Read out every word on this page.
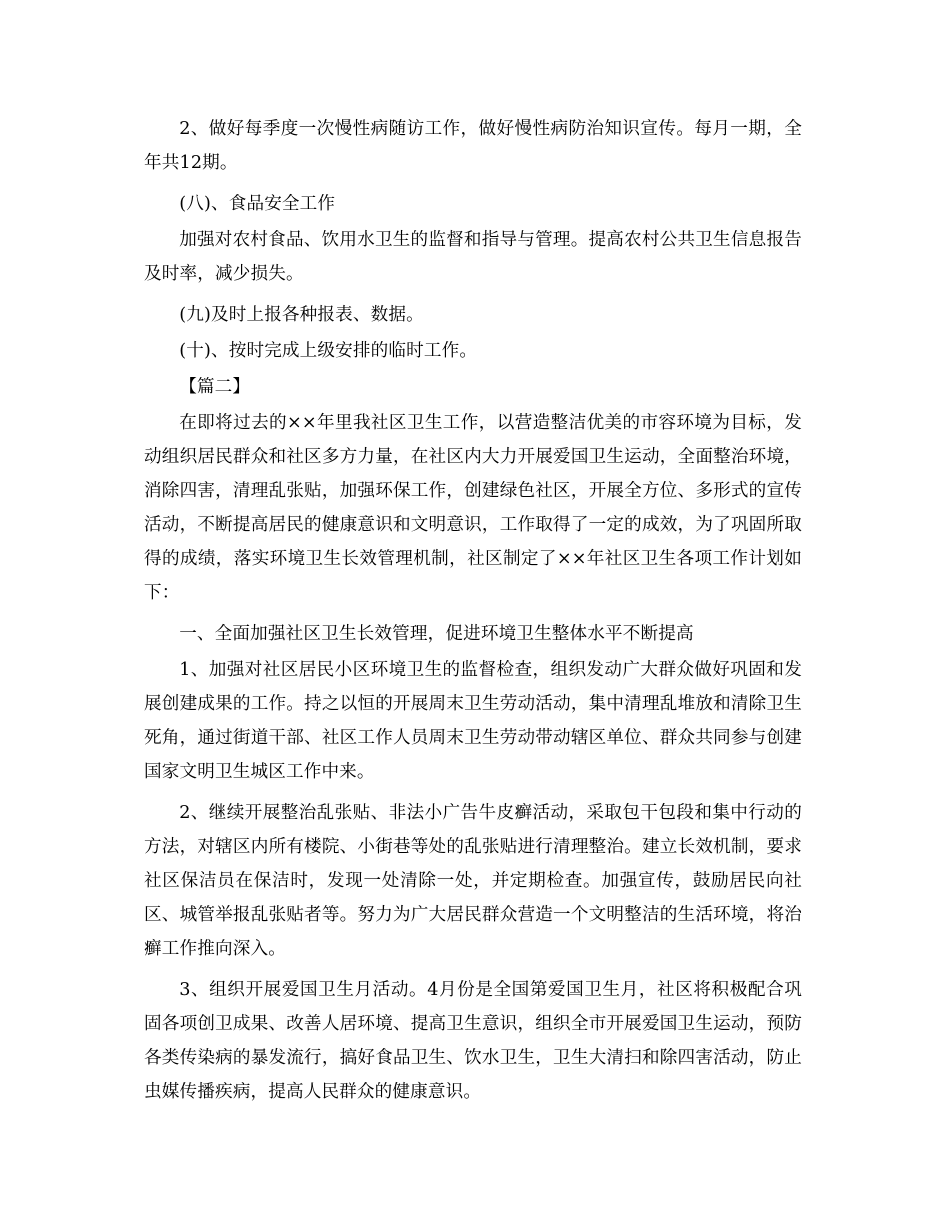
2、做好每季度一次慢性病随访工作，做好慢性病防治知识宣传。每月一期，全年共12期。

(八)、食品安全工作

加强对农村食品、饮用水卫生的监督和指导与管理。提高农村公共卫生信息报告及时率，减少损失。

(九)及时上报各种报表、数据。

(十)、按时完成上级安排的临时工作。

【篇二】

在即将过去的××年里我社区卫生工作，以营造整洁优美的市容环境为目标，发动组织居民群众和社区多方力量，在社区内大力开展爱国卫生运动，全面整治环境，消除四害，清理乱张贴，加强环保工作，创建绿色社区，开展全方位、多形式的宣传活动，不断提高居民的健康意识和文明意识，工作取得了一定的成效，为了巩固所取得的成绩，落实环境卫生长效管理机制，社区制定了××年社区卫生各项工作计划如下：

一、全面加强社区卫生长效管理，促进环境卫生整体水平不断提高

1、加强对社区居民小区环境卫生的监督检查，组织发动广大群众做好巩固和发展创建成果的工作。持之以恒的开展周末卫生劳动活动，集中清理乱堆放和清除卫生死角，通过街道干部、社区工作人员周末卫生劳动带动辖区单位、群众共同参与创建国家文明卫生城区工作中来。

2、继续开展整治乱张贴、非法小广告牛皮癣活动，采取包干包段和集中行动的方法，对辖区内所有楼院、小街巷等处的乱张贴进行清理整治。建立长效机制，要求社区保洁员在保洁时，发现一处清除一处，并定期检查。加强宣传，鼓励居民向社区、城管举报乱张贴者等。努力为广大居民群众营造一个文明整洁的生活环境，将治癣工作推向深入。

3、组织开展爱国卫生月活动。4月份是全国第爱国卫生月，社区将积极配合巩固各项创卫成果、改善人居环境、提高卫生意识，组织全市开展爱国卫生运动，预防各类传染病的暴发流行，搞好食品卫生、饮水卫生，卫生大清扫和除四害活动，防止虫媒传播疾病，提高人民群众的健康意识。
